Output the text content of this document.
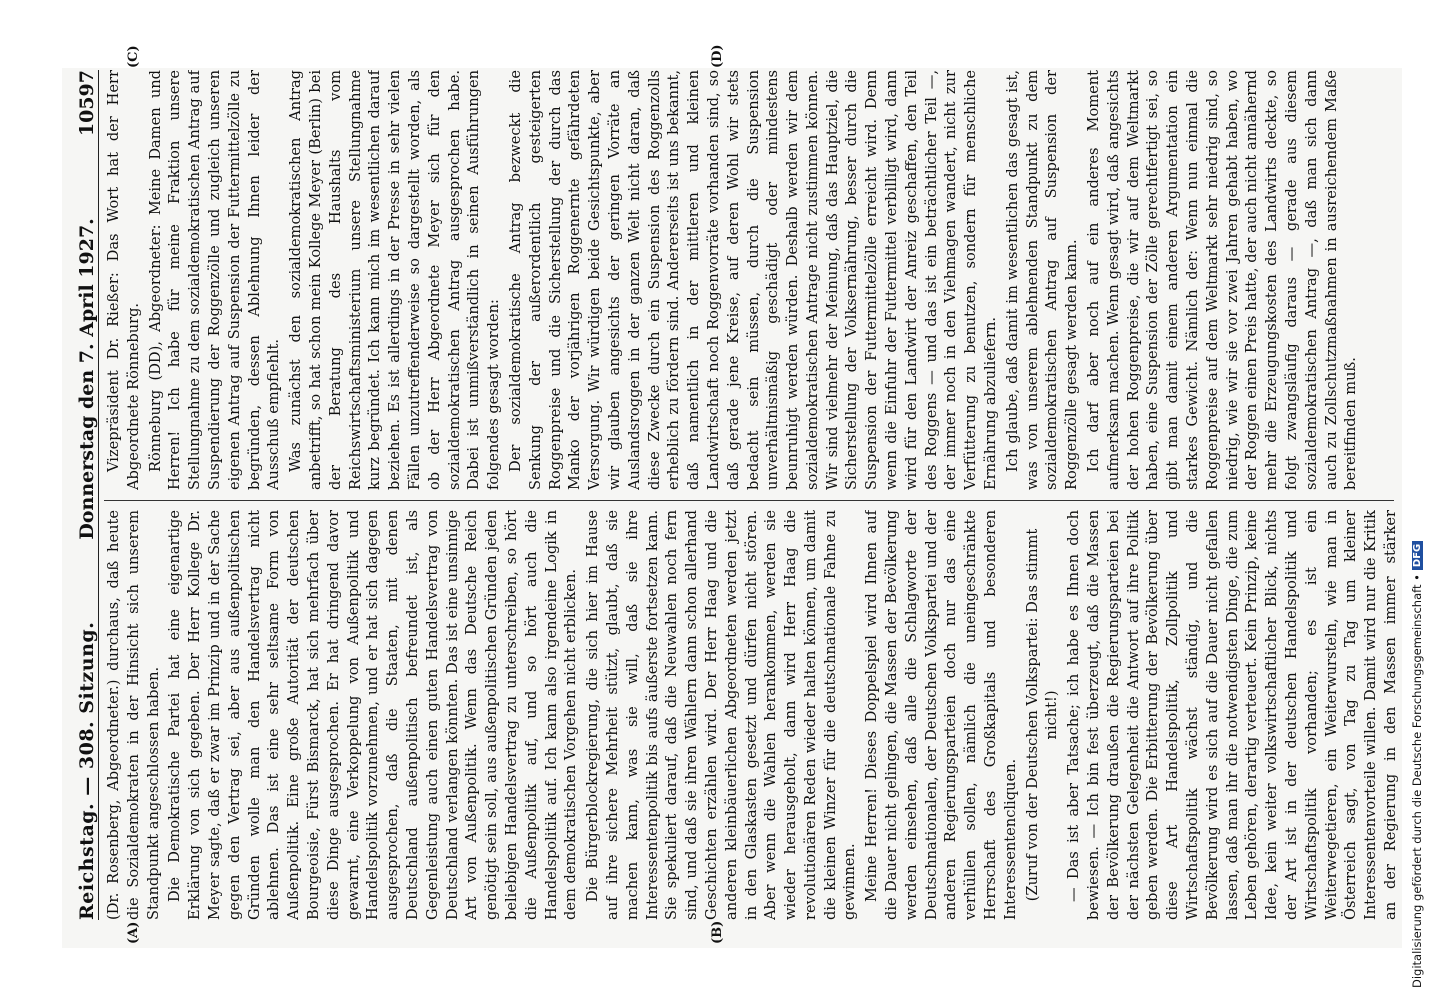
Reichstag. — 308. Sitzung.
Donnerstag den 7. April 1927.
10597

(Dr. Rosenberg, Abgeordneter.) durchaus, daß heute die Sozialdemokraten in der Hinsicht sich unserem Standpunkt angeschlossen haben. Die Demokratische Partei hat eine eigenartige Erklärung von sich gegeben. Der Herr Kollege Dr. Meyer sagte, daß er zwar im Prinzip und in der Sache gegen den Vertrag sei, aber aus außenpolitischen Gründen wolle man den Handelsvertrag nicht ablehnen. Das ist eine sehr seltsame Form von Außenpolitik. Eine große Autorität der deutschen Bourgeoisie, Fürst Bismarck, hat sich mehrfach über diese Dinge ausgesprochen. Er hat dringend davor gewarnt, eine Verkoppelung von Außenpolitik und Handelspolitik vorzunehmen, und er hat sich dagegen ausgesprochen, daß die Staaten, mit denen Deutschland außenpolitisch befreundet ist, als Gegenleistung auch einen guten Handelsvertrag von Deutschland verlangen könnten. Das ist eine unsinnige Art von Außenpolitik. Wenn das Deutsche Reich genötigt sein soll, aus außenpolitischen Gründen jeden beliebigen Handelsvertrag zu unterschreiben, so hört die Außenpolitik auf, und so hört auch die Handelspolitik auf. Ich kann also irgendeine Logik in dem demokratischen Vorgehen nicht erblicken. Die Bürgerblockregierung, die sich hier im Hause auf ihre sichere Mehrheit stützt, glaubt, daß sie machen kann, was sie will, daß sie ihre Interessentenpolitik bis aufs äußerste fortsetzen kann. Sie spekuliert darauf, daß die Neuwahlen noch fern sind, und daß sie ihren Wählern dann schon allerhand Geschichten erzählen wird. Der Herr Haag und die anderen kleinbäuerlichen Abgeordneten werden jetzt in den Glaskasten gesetzt und dürfen nicht stören. Aber wenn die Wahlen herankommen, werden sie wieder herausgeholt, dann wird Herr Haag die revolutionären Reden wieder halten können, um damit die kleinen Winzer für die deutschnationale Fahne zu gewinnen. Meine Herren! Dieses Doppelspiel wird Ihnen auf die Dauer nicht gelingen, die Massen der Bevölkerung werden einsehen, daß alle die Schlagworte der Deutschnationalen, der Deutschen Volkspartei und der anderen Regierungsparteien doch nur das eine verhüllen sollen, nämlich die uneingeschränkte Herrschaft des Großkapitals und besonderen Interessentencliquen. (Zuruf von der Deutschen Volkspartei: Das stimmt nicht!)

— Das ist aber Tatsache; ich habe es Ihnen doch bewiesen. — Ich bin fest überzeugt, daß die Massen der Bevölkerung draußen die Regierungsparteien bei der nächsten Gelegenheit die Antwort auf ihre Politik geben werden. Die Erbitterung der Bevölkerung über diese Art Handelspolitik, Zollpolitik und Wirtschaftspolitik wächst ständig, und die Bevölkerung wird es sich auf die Dauer nicht gefallen lassen, daß man ihr die notwendigsten Dinge, die zum Leben gehören, derartig verteuert. Kein Prinzip, keine Idee, kein weiter volkswirtschaftlicher Blick, nichts der Art ist in der deutschen Handelspolitik und Wirtschaftspolitik vorhanden; es ist ein Weiterwegetieren, ein Weiterwursteln, wie man in Österreich sagt, von Tag zu Tag um kleiner Interessentenvorteile willen. Damit wird nur die Kritik an der Regierung in den Massen immer stärker

Vizepräsident Dr. Rießer: Das Wort hat der Herr Abgeordnete Rönneburg. Rönneburg (DD), Abgeordneter: Meine Damen und Herren! Ich habe für meine Fraktion unsere Stellungnahme zu dem sozialdemokratischen Antrag auf Suspendierung der Roggenzölle und zugleich unseren eigenen Antrag auf Suspension der Futtermittelzölle zu begründen, dessen Ablehnung Ihnen leider der Ausschuß empfiehlt. Was zunächst den sozialdemokratischen Antrag anbetrifft, so hat schon mein Kollege Meyer (Berlin) bei der Beratung des Haushalts vom Reichswirtschaftsministerium unsere Stellungnahme kurz begründet. Ich kann mich im wesentlichen darauf beziehen. Es ist allerdings in der Presse in sehr vielen Fällen unzutreffenderweise so dargestellt worden, als ob der Herr Abgeordnete Meyer sich für den sozialdemokratischen Antrag ausgesprochen habe. Dabei ist unmißverständlich in seinen Ausführungen folgendes gesagt worden: Der sozialdemokratische Antrag bezweckt die Senkung der außerordentlich gesteigerten Roggenpreise und die Sicherstellung der durch das Manko der vorjährigen Roggenernte gefährdeten Versorgung. Wir würdigen beide Gesichtspunkte, aber wir glauben angesichts der geringen Vorräte an Auslandsroggen in der ganzen Welt nicht daran, daß diese Zwecke durch ein Suspension des Roggenzolls erheblich zu fördern sind. Andererseits ist uns bekannt, daß namentlich in der mittleren und kleinen Landwirtschaft noch Roggenvorräte vorhanden sind, so daß gerade jene Kreise, auf deren Wohl wir stets bedacht sein müssen, durch die Suspension unverhältnismäßig geschädigt oder mindestens beunruhigt werden würden. Deshalb werden wir dem sozialdemokratischen Antrage nicht zustimmen können. Wir sind vielmehr der Meinung, daß das Hauptziel, die Sicherstellung der Volksernährung, besser durch die Suspension der Futtermittelzölle erreicht wird. Denn wenn die Einfuhr der Futtermittel verbilligt wird, dann wird für den Landwirt der Anreiz geschaffen, den Teil des Roggens — und das ist ein beträchtlicher Teil —, der immer noch in den Viehmagen wandert, nicht zur Verfütterung zu benutzen, sondern für menschliche Ernährung abzuliefern. Ich glaube, daß damit im wesentlichen das gesagt ist, was von unserem ablehnenden Standpunkt zu dem sozialdemokratischen Antrag auf Suspension der Roggenzölle gesagt werden kann. Ich darf aber noch auf ein anderes Moment aufmerksam machen. Wenn gesagt wird, daß angesichts der hohen Roggenpreise, die wir auf dem Weltmarkt haben, eine Suspension der Zölle gerechtfertigt sei, so gibt man damit einem anderen Argumentation ein starkes Gewicht. Nämlich der: Wenn nun einmal die Roggenpreise auf dem Weltmarkt sehr niedrig sind, so niedrig, wie wir sie vor zwei Jahren gehabt haben, wo der Roggen einen Preis hatte, der auch nicht annähernd mehr die Erzeugungskosten des Landwirts deckte, so folgt zwangsläufig daraus — gerade aus diesem sozialdemokratischen Antrag —, daß man sich dann auch zu Zollschutzmaßnahmen in ausreichendem Maße bereitfinden muß.

(A)	(B)
(C)	(D)
Digitalisierung gefördert durch die Deutsche Forschungsgemeinschaft •
DFG
